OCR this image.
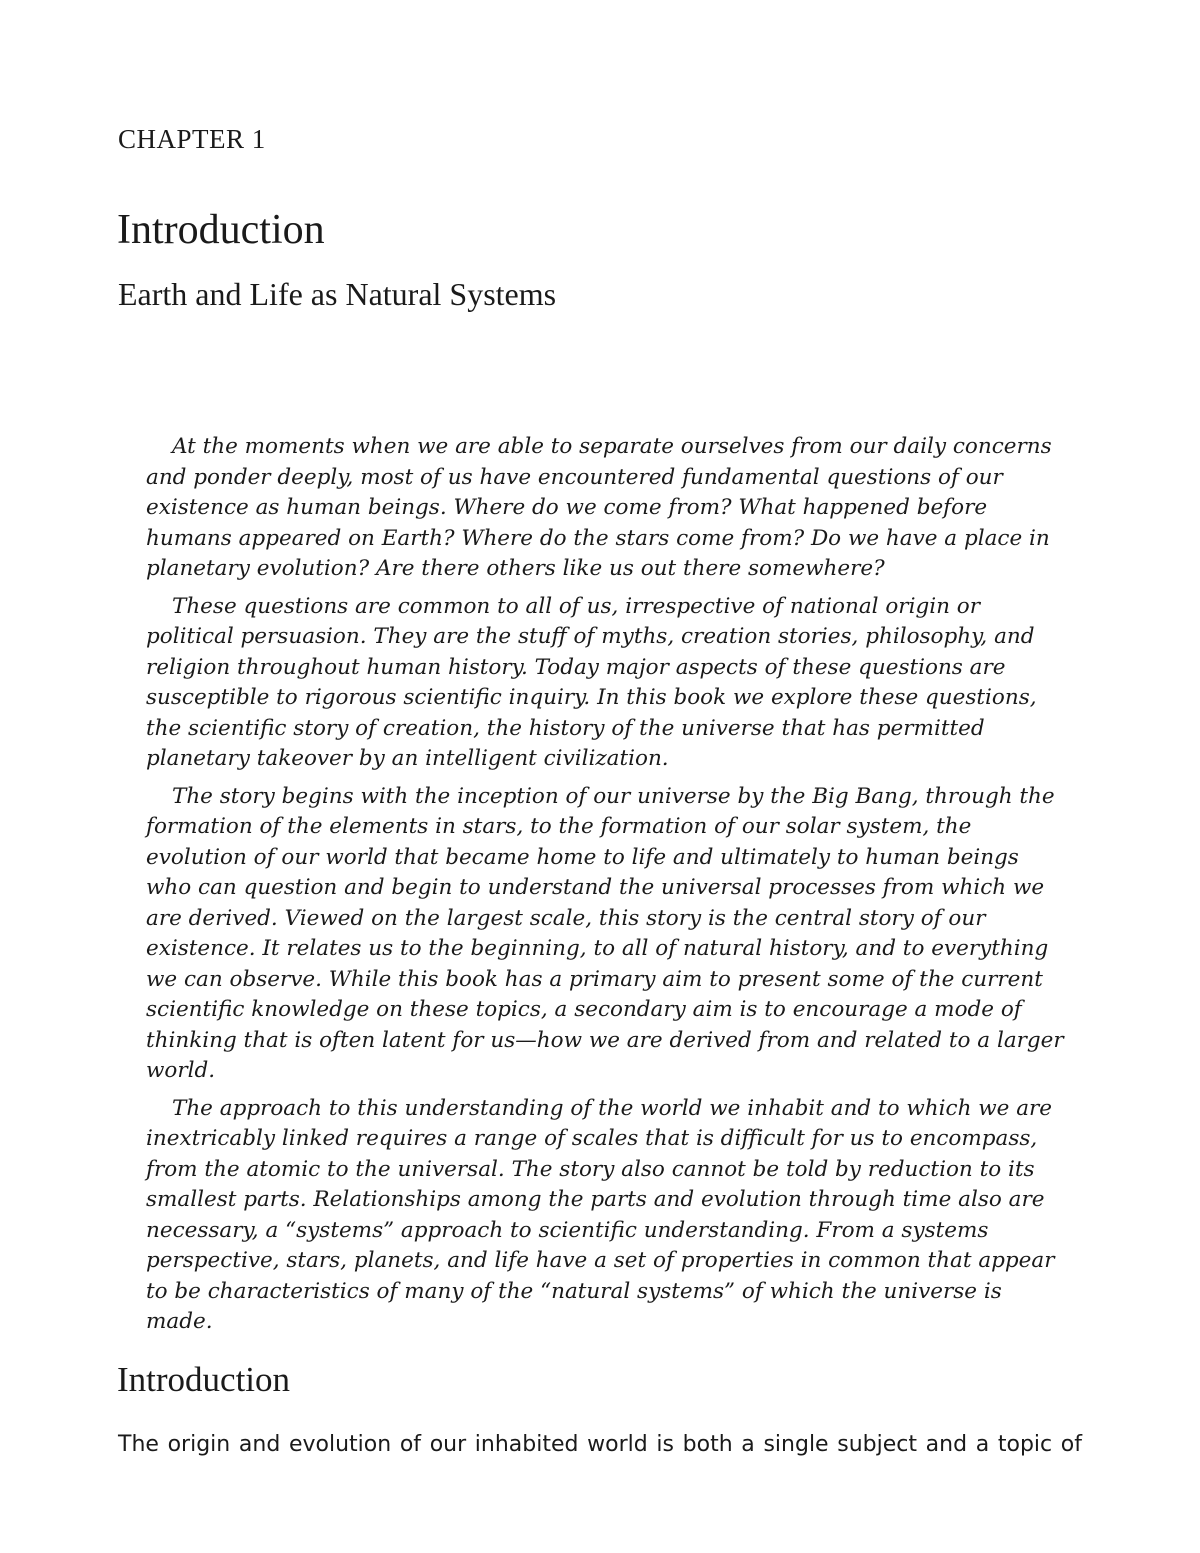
CHAPTER 1
Introduction
Earth and Life as Natural Systems

At the moments when we are able to separate ourselves from our daily concerns and ponder deeply, most of us have encountered fundamental questions of our existence as human beings. Where do we come from? What happened before humans appeared on Earth? Where do the stars come from? Do we have a place in planetary evolution? Are there others like us out there somewhere?

These questions are common to all of us, irrespective of national origin or political persuasion. They are the stuff of myths, creation stories, philosophy, and religion throughout human history. Today major aspects of these questions are susceptible to rigorous scientific inquiry. In this book we explore these questions, the scientific story of creation, the history of the universe that has permitted planetary takeover by an intelligent civilization.

The story begins with the inception of our universe by the Big Bang, through the formation of the elements in stars, to the formation of our solar system, the evolution of our world that became home to life and ultimately to human beings who can question and begin to understand the universal processes from which we are derived. Viewed on the largest scale, this story is the central story of our existence. It relates us to the beginning, to all of natural history, and to everything we can observe. While this book has a primary aim to present some of the current scientific knowledge on these topics, a secondary aim is to encourage a mode of thinking that is often latent for us—how we are derived from and related to a larger world.

The approach to this understanding of the world we inhabit and to which we are inextricably linked requires a range of scales that is difficult for us to encompass, from the atomic to the universal. The story also cannot be told by reduction to its smallest parts. Relationships among the parts and evolution through time also are necessary, a “systems” approach to scientific understanding. From a systems perspective, stars, planets, and life have a set of properties in common that appear to be characteristics of many of the “natural systems” of which the universe is made.

Introduction

The origin and evolution of our inhabited world is both a single subject and a topic of
